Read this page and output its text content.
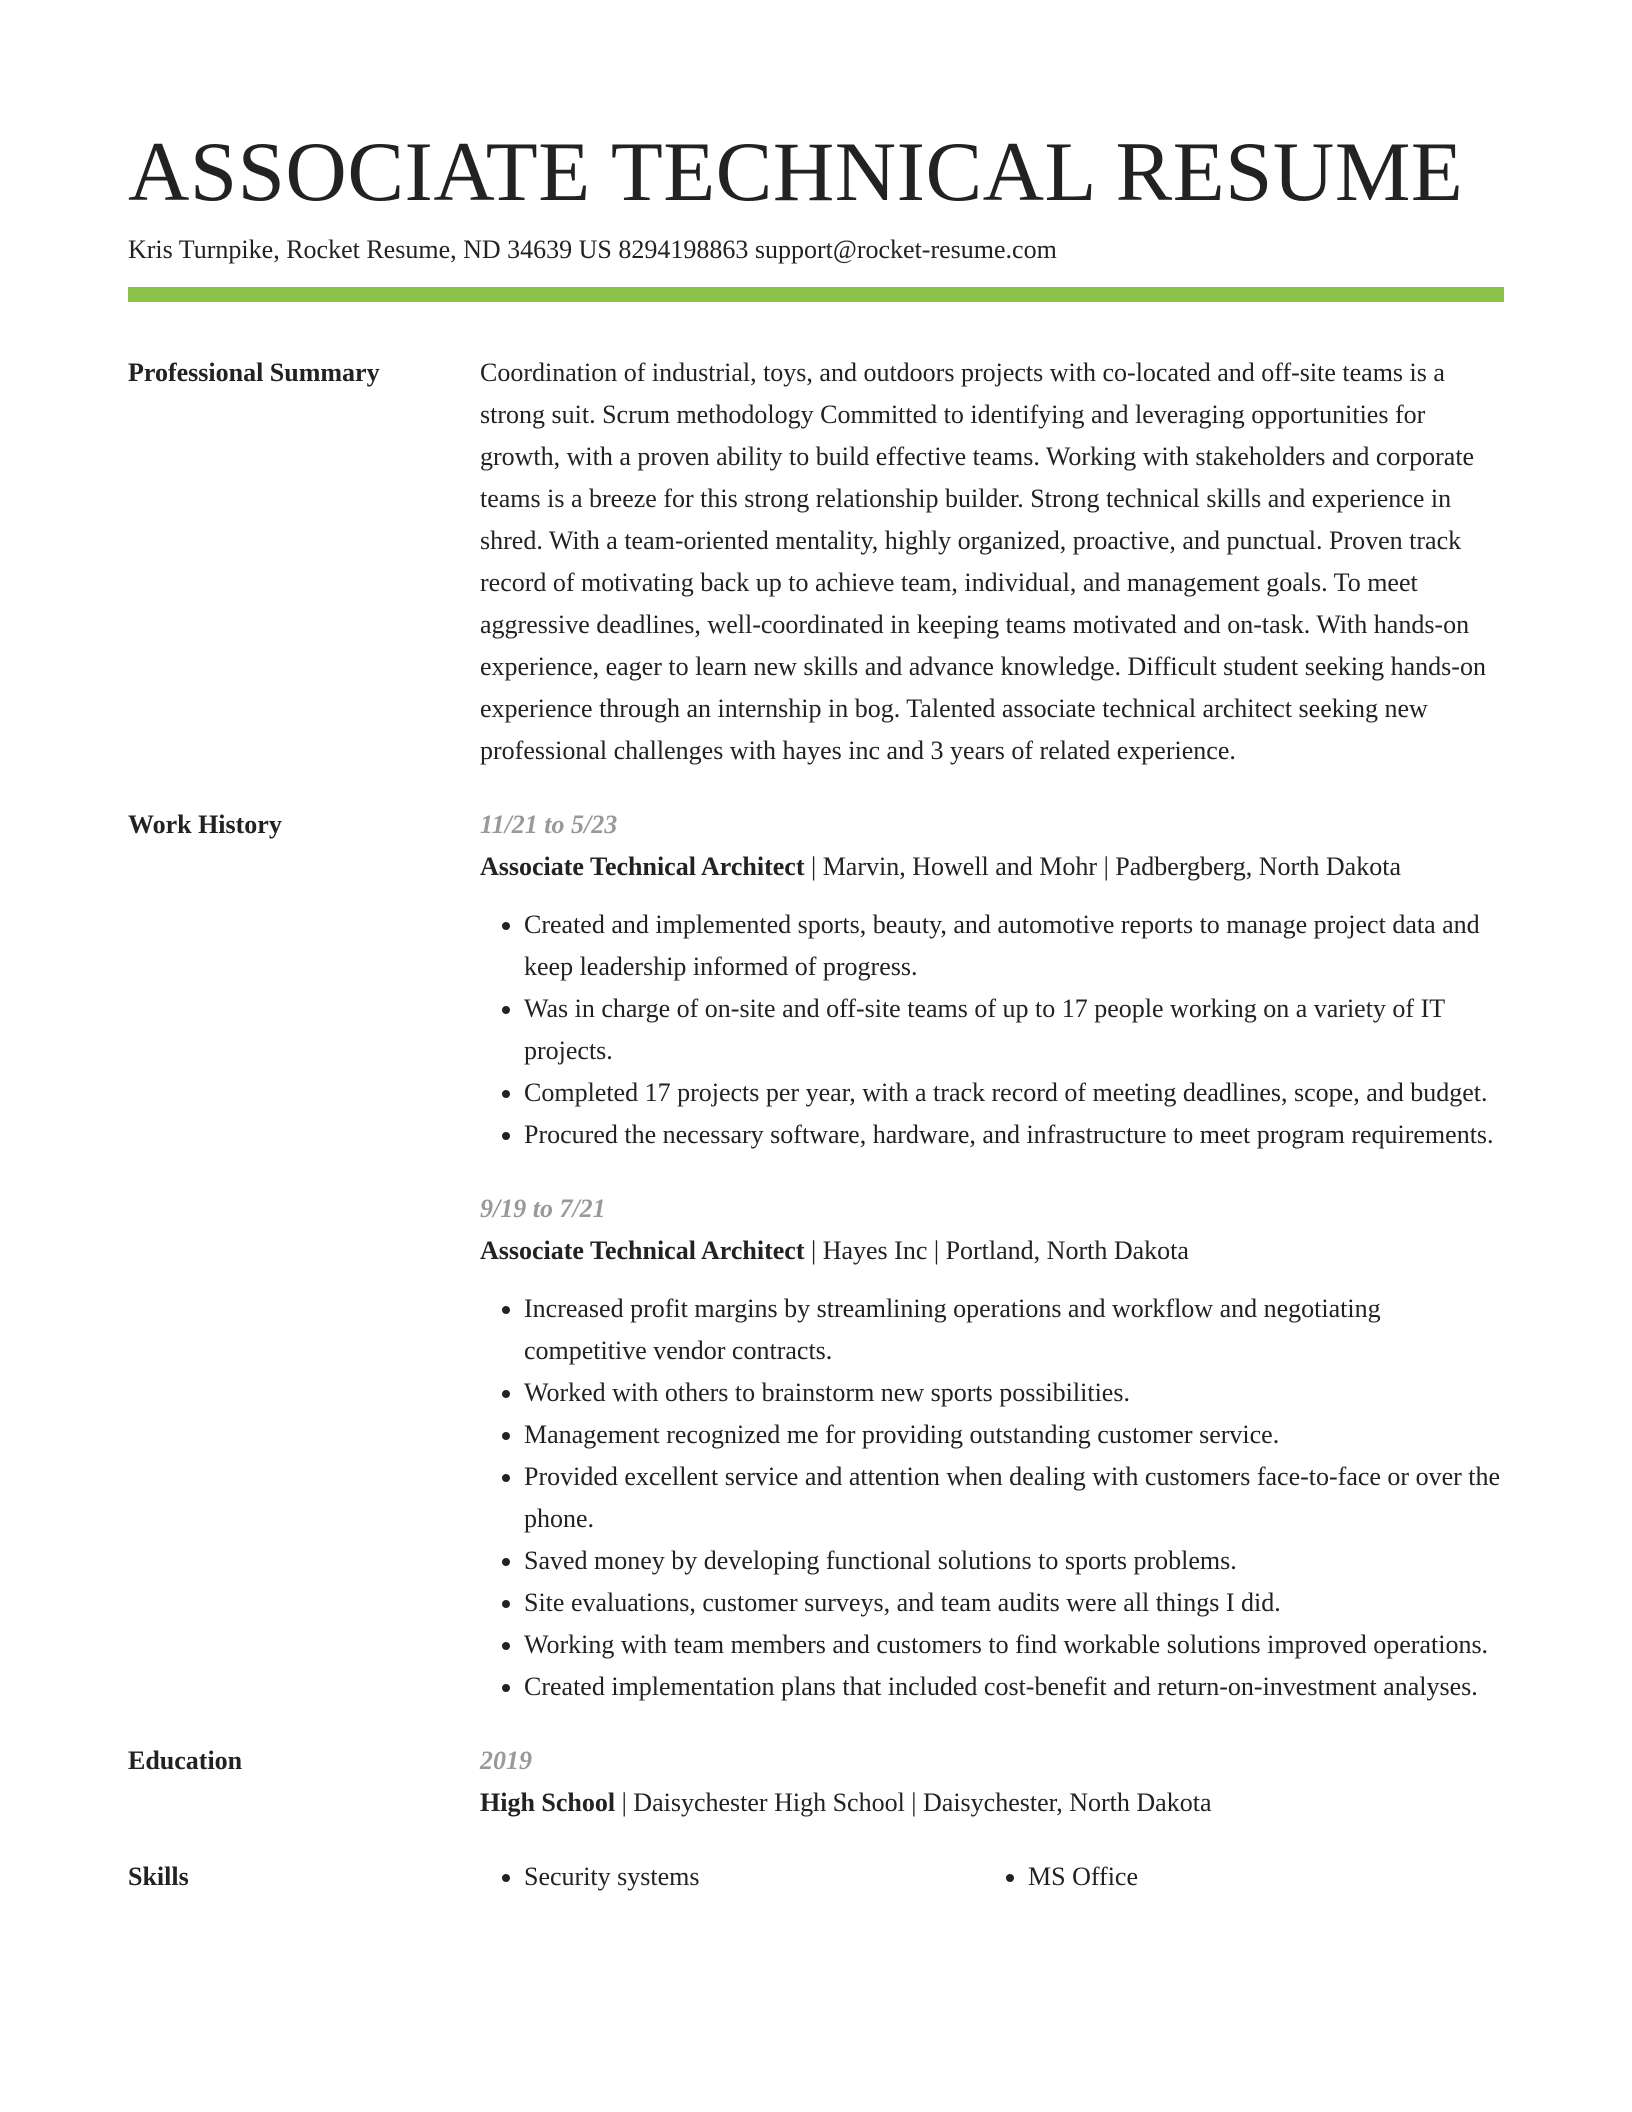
ASSOCIATE TECHNICAL RESUME
Kris Turnpike, Rocket Resume, ND 34639 US 8294198863 support@rocket-resume.com
Professional Summary	Coordination of industrial, toys, and outdoors projects with co-located and off-site teams is a strong suit. Scrum methodology Committed to identifying and leveraging opportunities for growth, with a proven ability to build effective teams. Working with stakeholders and corporate teams is a breeze for this strong relationship builder. Strong technical skills and experience in shred. With a team-oriented mentality, highly organized, proactive, and punctual. Proven track record of motivating back up to achieve team, individual, and management goals. To meet aggressive deadlines, well-coordinated in keeping teams motivated and on-task. With hands-on experience, eager to learn new skills and advance knowledge. Difficult student seeking hands-on experience through an internship in bog. Talented associate technical architect seeking new professional challenges with hayes inc and 3 years of related experience.
Work History	11/21 to 5/23
Associate Technical Architect | Marvin, Howell and Mohr | Padbergberg, North Dakota
• Created and implemented sports, beauty, and automotive reports to manage project data and keep leadership informed of progress.
• Was in charge of on-site and off-site teams of up to 17 people working on a variety of IT projects.
• Completed 17 projects per year, with a track record of meeting deadlines, scope, and budget.
• Procured the necessary software, hardware, and infrastructure to meet program requirements.
9/19 to 7/21
Associate Technical Architect | Hayes Inc | Portland, North Dakota
• Increased profit margins by streamlining operations and workflow and negotiating competitive vendor contracts.
• Worked with others to brainstorm new sports possibilities.
• Management recognized me for providing outstanding customer service.
• Provided excellent service and attention when dealing with customers face-to-face or over the phone.
• Saved money by developing functional solutions to sports problems.
• Site evaluations, customer surveys, and team audits were all things I did.
• Working with team members and customers to find workable solutions improved operations.
• Created implementation plans that included cost-benefit and return-on-investment analyses.
Education	2019
High School | Daisychester High School | Daisychester, North Dakota
Skills	• Security systems	• MS Office
